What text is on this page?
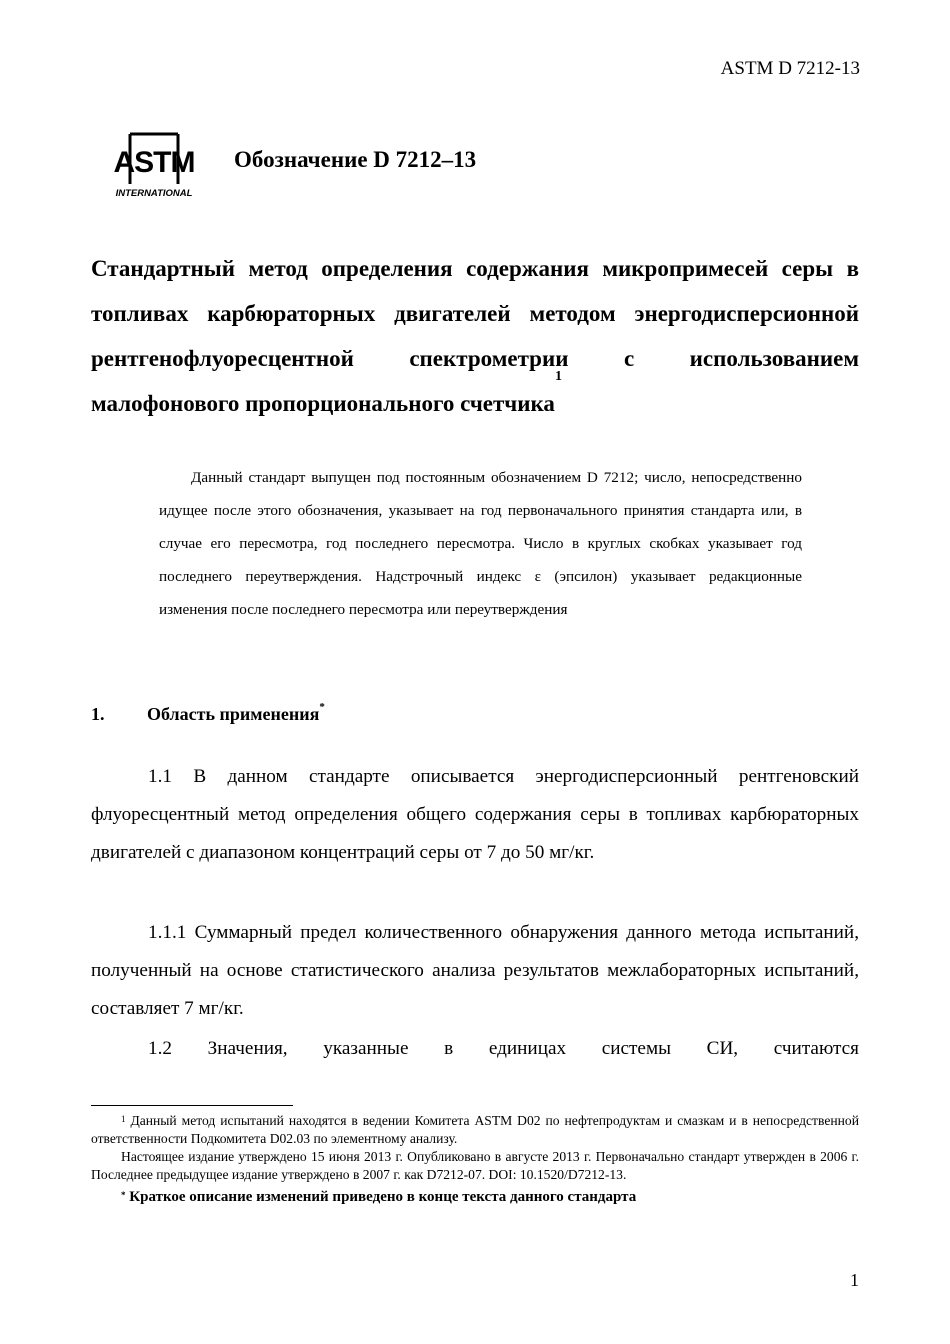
ASTM D 7212-13
ASTM
INTERNATIONAL
Обозначение D 7212–13
Стандартный метод определения содержания микропримесей серы в топливах карбюраторных двигателей методом энергодисперсионной рентгенофлуоресцентной спектрометрии с использованием малофонового пропорционального счетчика$^1$
Данный стандарт выпущен под постоянным обозначением D 7212; число, непосредственно идущее после этого обозначения, указывает на год первоначального принятия стандарта или, в случае его пересмотра, год последнего пересмотра. Число в круглых скобках указывает год последнего переутверждения. Надстрочный индекс ε (эпсилон) указывает редакционные изменения после последнего пересмотра или переутверждения
1. Область применения*
1.1 В данном стандарте описывается энергодисперсионный рентгеновский флуоресцентный метод определения общего содержания серы в топливах карбюраторных двигателей с диапазоном концентраций серы от 7 до 50 мг/кг.
1.1.1 Суммарный предел количественного обнаружения данного метода испытаний, полученный на основе статистического анализа результатов межлабораторных испытаний, составляет 7 мг/кг.
1.2 Значения, указанные в единицах системы СИ, считаются

$^1$ Данный метод испытаний находятся в ведении Комитета ASTM D02 по нефтепродуктам и смазкам и в непосредственной ответственности Подкомитета D02.03 по элементному анализу.

Настоящее издание утверждено 15 июня 2013 г. Опубликовано в августе 2013 г. Первоначально стандарт утвержден в 2006 г. Последнее предыдущее издание утверждено в 2007 г. как D7212-07. DOI: 10.1520/D7212-13.

* Краткое описание изменений приведено в конце текста данного стандарта

1
